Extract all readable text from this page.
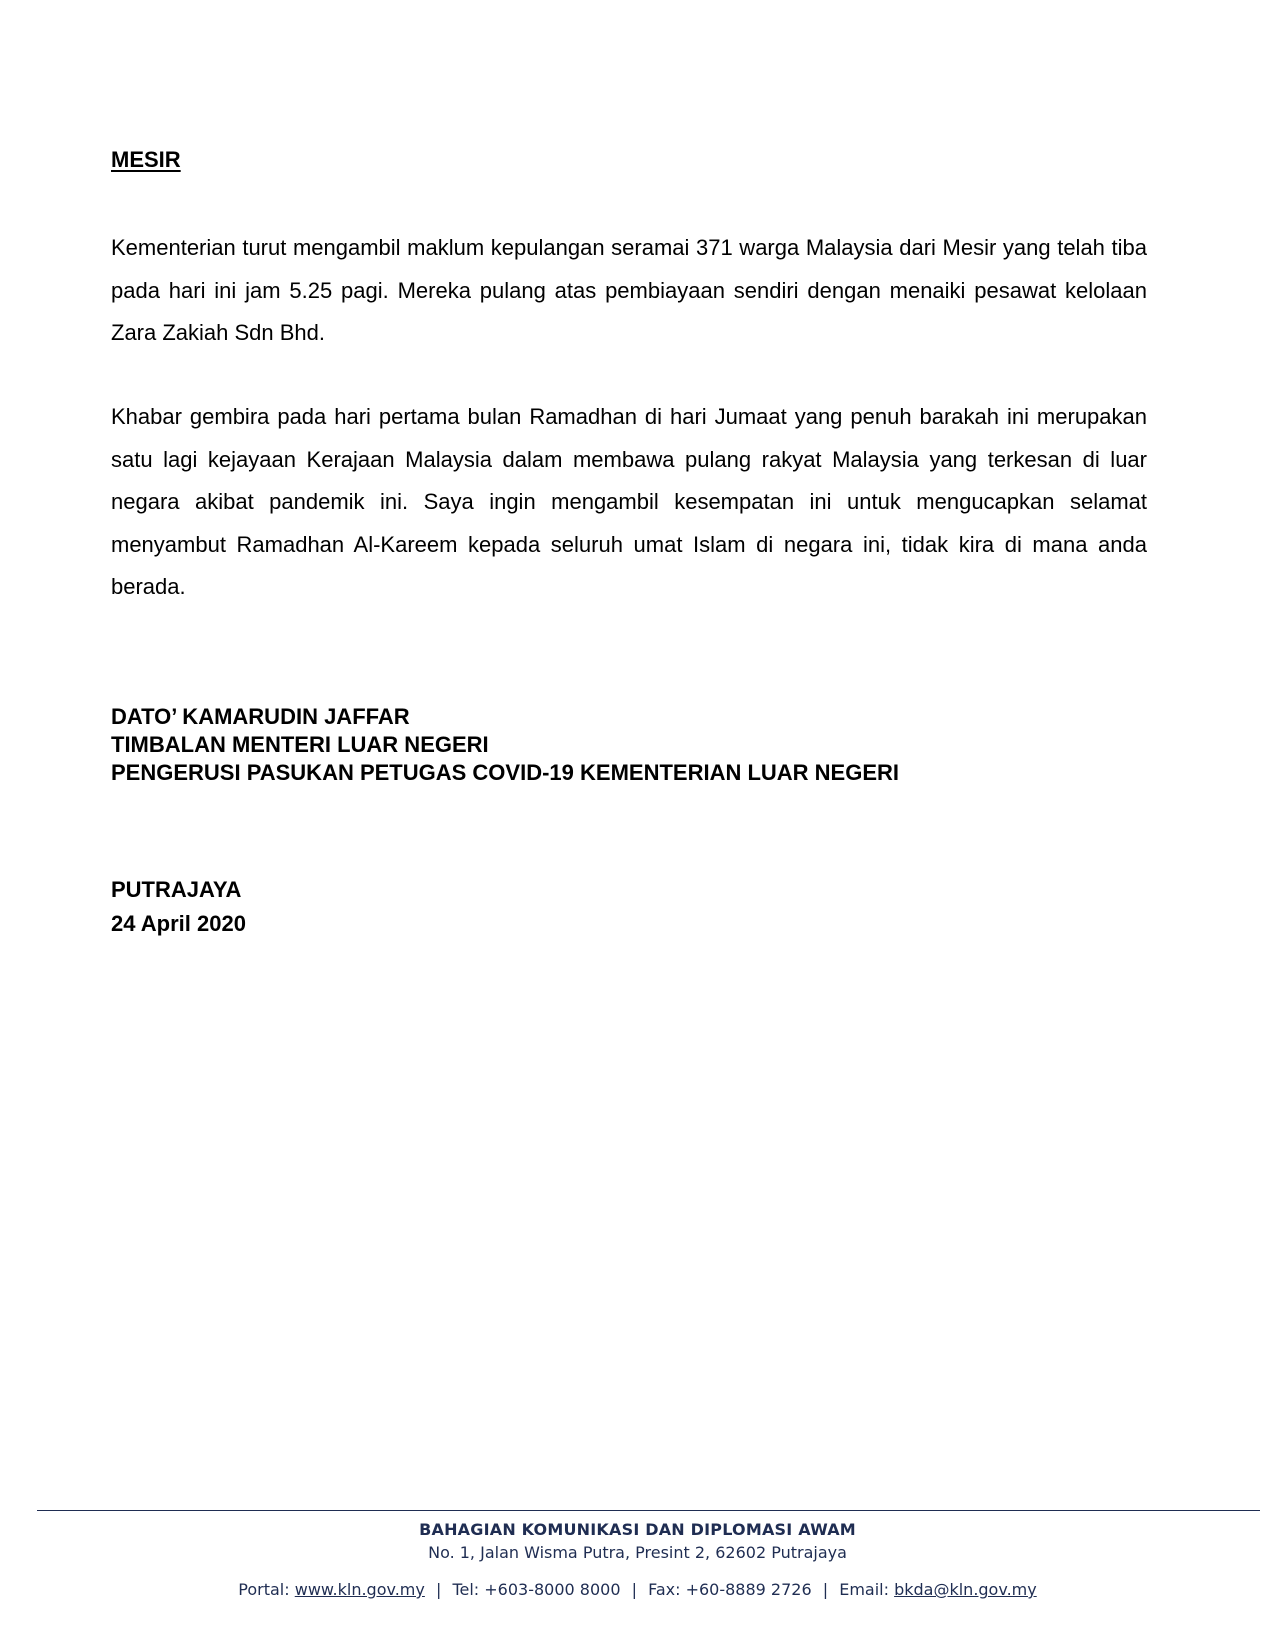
MESIR

Kementerian turut mengambil maklum kepulangan seramai 371 warga Malaysia dari Mesir yang telah tiba pada hari ini jam 5.25 pagi. Mereka pulang atas pembiayaan sendiri dengan menaiki pesawat kelolaan Zara Zakiah Sdn Bhd.

Khabar gembira pada hari pertama bulan Ramadhan di hari Jumaat yang penuh barakah ini merupakan satu lagi kejayaan Kerajaan Malaysia dalam membawa pulang rakyat Malaysia yang terkesan di luar negara akibat pandemik ini. Saya ingin mengambil kesempatan ini untuk mengucapkan selamat menyambut Ramadhan Al-Kareem kepada seluruh umat Islam di negara ini, tidak kira di mana anda berada.

DATO’ KAMARUDIN JAFFAR
TIMBALAN MENTERI LUAR NEGERI
PENGERUSI PASUKAN PETUGAS COVID-19 KEMENTERIAN LUAR NEGERI
PUTRAJAYA
24 April 2020
BAHAGIAN KOMUNIKASI DAN DIPLOMASI AWAM
No. 1, Jalan Wisma Putra, Presint 2, 62602 Putrajaya
Portal: www.kln.gov.my | Tel: +603-8000 8000 | Fax: +60-8889 2726 | Email: bkda@kln.gov.my
